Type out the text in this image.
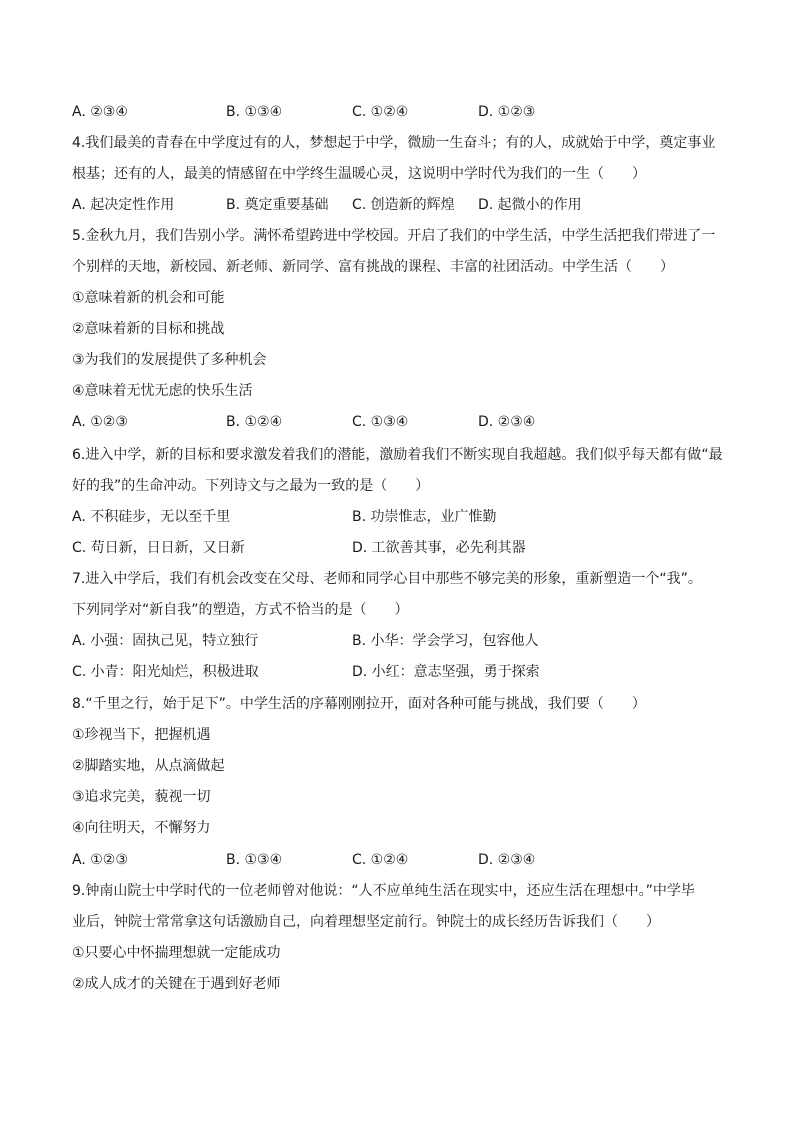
A. ②③④	B. ①③④	C. ①②④	D. ①②③
4.我们最美的青春在中学度过有的人，梦想起于中学，微励一生奋斗；有的人，成就始于中学，奠定事业
根基；还有的人，最美的情感留在中学终生温暖心灵，这说明中学时代为我们的一生（　　）
A. 起决定性作用	B. 奠定重要基础 C. 创造新的辉煌 D. 起微小的作用
5.金秋九月，我们告别小学。满怀希望跨进中学校园。开启了我们的中学生活，中学生活把我们带进了一
个别样的天地，新校园、新老师、新同学、富有挑战的课程、丰富的社团活动。中学生活（　　）
①意味着新的机会和可能
②意味着新的目标和挑战
③为我们的发展提供了多种机会
④意味着无忧无虑的快乐生活
A. ①②③	B. ①②④	C. ①③④	D. ②③④
6.进入中学，新的目标和要求激发着我们的潜能，激励着我们不断实现自我超越。我们似乎每天都有做“最
好的我”的生命冲动。下列诗文与之最为一致的是（　　）
A. 不积硅步，无以至千里	B. 功崇惟志，业广惟勤
C. 苟日新，日日新，又日新	D. 工欲善其事，必先利其器
7.进入中学后，我们有机会改变在父母、老师和同学心目中那些不够完美的形象，重新塑造一个“我”。
下列同学对“新自我”的塑造，方式不恰当的是（　　）
A. 小强：固执己见，特立独行	B. 小华：学会学习，包容他人
C. 小青：阳光灿烂，积极进取	D. 小红：意志坚强，勇于探索
8.“千里之行，始于足下”。中学生活的序幕刚刚拉开，面对各种可能与挑战，我们要（　　）
①珍视当下，把握机遇
②脚踏实地，从点滴做起
③追求完美，藐视一切
④向往明天，不懈努力
A. ①②③	B. ①③④	C. ①②④	D. ②③④
9.钟南山院士中学时代的一位老师曾对他说：“人不应单纯生活在现实中，还应生活在理想中。”中学毕
业后，钟院士常常拿这句话激励自己，向着理想坚定前行。钟院士的成长经历告诉我们（　　）
①只要心中怀揣理想就一定能成功
②成人成才的关键在于遇到好老师
